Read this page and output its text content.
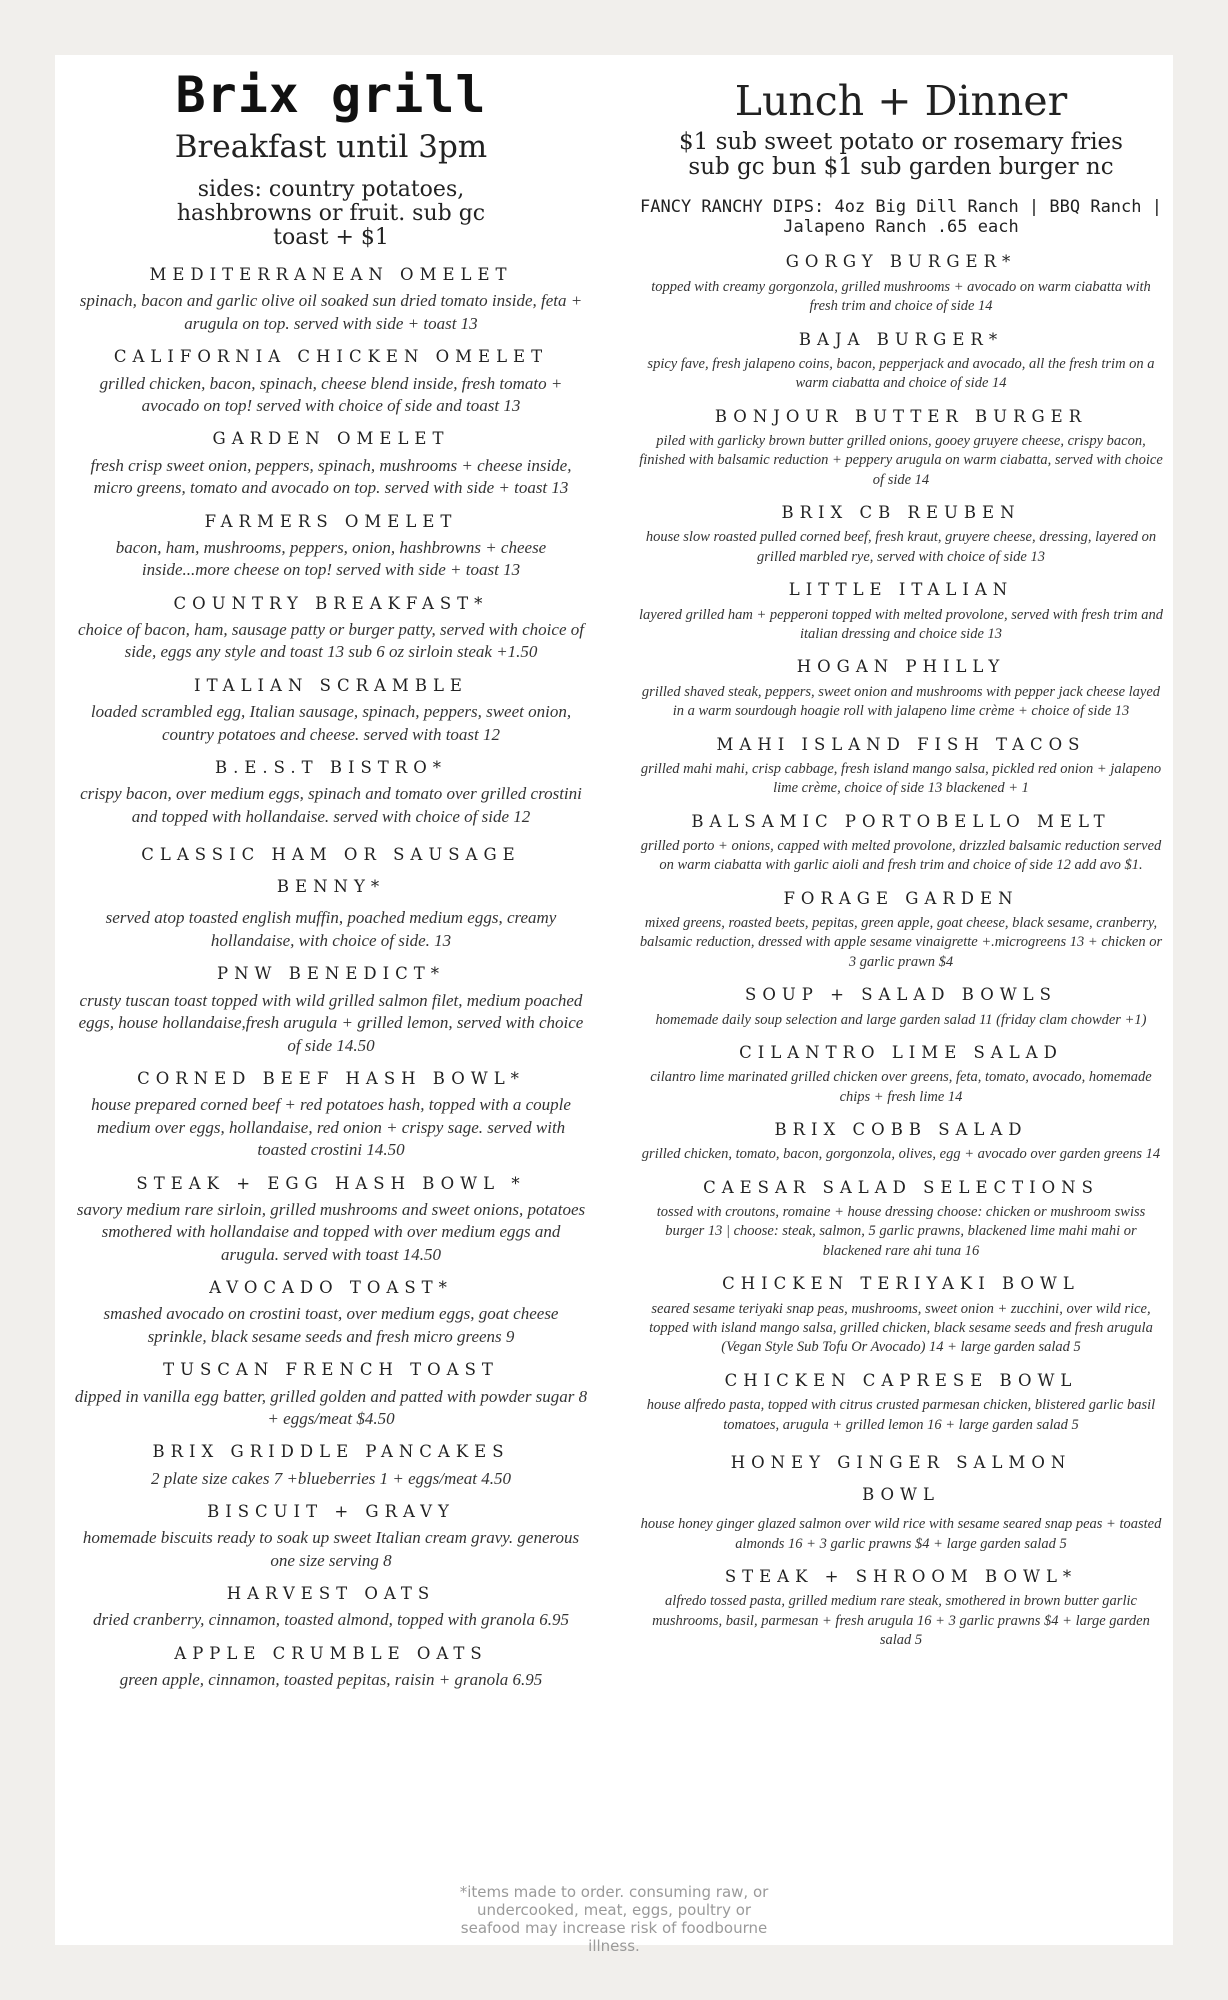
Brix grill
Breakfast until 3pm
sides: country potatoes, hashbrowns or fruit. sub gc toast + $1
MEDITERRANEAN OMELET
spinach, bacon and garlic olive oil soaked sun dried tomato inside, feta + arugula on top. served with side + toast 13
CALIFORNIA CHICKEN OMELET
grilled chicken, bacon, spinach, cheese blend inside, fresh tomato + avocado on top! served with choice of side and toast 13
GARDEN OMELET
fresh crisp sweet onion, peppers, spinach, mushrooms + cheese inside, micro greens, tomato and avocado on top. served with side + toast 13
FARMERS OMELET
bacon, ham, mushrooms, peppers, onion, hashbrowns + cheese inside...more cheese on top! served with side + toast 13
COUNTRY BREAKFAST*
choice of bacon, ham, sausage patty or burger patty, served with choice of side, eggs any style and toast 13 sub 6 oz sirloin steak +1.50
ITALIAN SCRAMBLE
loaded scrambled egg, Italian sausage, spinach, peppers, sweet onion, country potatoes and cheese. served with toast 12
B.E.S.T BISTRO*
crispy bacon, over medium eggs, spinach and tomato over grilled crostini and topped with hollandaise. served with choice of side 12
CLASSIC HAM OR SAUSAGE BENNY*
served atop toasted english muffin, poached medium eggs, creamy hollandaise, with choice of side. 13
PNW BENEDICT*
crusty tuscan toast topped with wild grilled salmon filet, medium poached eggs, house hollandaise,fresh arugula + grilled lemon, served with choice of side 14.50
CORNED BEEF HASH BOWL*
house prepared corned beef + red potatoes hash, topped with a couple medium over eggs, hollandaise, red onion + crispy sage. served with toasted crostini 14.50
STEAK + EGG HASH BOWL *
savory medium rare sirloin, grilled mushrooms and sweet onions, potatoes smothered with hollandaise and topped with over medium eggs and arugula. served with toast 14.50
AVOCADO TOAST*
smashed avocado on crostini toast, over medium eggs, goat cheese sprinkle, black sesame seeds and fresh micro greens 9
TUSCAN FRENCH TOAST
dipped in vanilla egg batter, grilled golden and patted with powder sugar 8 + eggs/meat $4.50
BRIX GRIDDLE PANCAKES
2 plate size cakes 7 +blueberries 1 + eggs/meat 4.50
BISCUIT + GRAVY
homemade biscuits ready to soak up sweet Italian cream gravy. generous one size serving 8
HARVEST OATS
dried cranberry, cinnamon, toasted almond, topped with granola 6.95
APPLE CRUMBLE OATS
green apple, cinnamon, toasted pepitas, raisin + granola 6.95
Lunch + Dinner
$1 sub sweet potato or rosemary fries
sub gc bun $1 sub garden burger nc
FANCY RANCHY DIPS: 4oz Big Dill Ranch | BBQ Ranch | Jalapeno Ranch .65 each
GORGY BURGER*
topped with creamy gorgonzola, grilled mushrooms + avocado on warm ciabatta with fresh trim and choice of side 14
BAJA BURGER*
spicy fave, fresh jalapeno coins, bacon, pepperjack and avocado, all the fresh trim on a warm ciabatta and choice of side 14
BONJOUR BUTTER BURGER
piled with garlicky brown butter grilled onions, gooey gruyere cheese, crispy bacon, finished with balsamic reduction + peppery arugula on warm ciabatta, served with choice of side 14
BRIX CB REUBEN
house slow roasted pulled corned beef, fresh kraut, gruyere cheese, dressing, layered on grilled marbled rye, served with choice of side 13
LITTLE ITALIAN
layered grilled ham + pepperoni topped with melted provolone, served with fresh trim and italian dressing and choice side 13
HOGAN PHILLY
grilled shaved steak, peppers, sweet onion and mushrooms with pepper jack cheese layed in a warm sourdough hoagie roll with jalapeno lime crème + choice of side 13
MAHI ISLAND FISH TACOS
grilled mahi mahi, crisp cabbage, fresh island mango salsa, pickled red onion + jalapeno lime crème, choice of side 13 blackened + 1
BALSAMIC PORTOBELLO MELT
grilled porto + onions, capped with melted provolone, drizzled balsamic reduction served on warm ciabatta with garlic aioli and fresh trim and choice of side 12 add avo $1.
FORAGE GARDEN
mixed greens, roasted beets, pepitas, green apple, goat cheese, black sesame, cranberry, balsamic reduction, dressed with apple sesame vinaigrette +.microgreens 13 + chicken or 3 garlic prawn $4
SOUP + SALAD BOWLS
homemade daily soup selection and large garden salad 11 (friday clam chowder +1)
CILANTRO LIME SALAD
cilantro lime marinated grilled chicken over greens, feta, tomato, avocado, homemade chips + fresh lime 14
BRIX COBB SALAD
grilled chicken, tomato, bacon, gorgonzola, olives, egg + avocado over garden greens 14
CAESAR SALAD SELECTIONS
tossed with croutons, romaine + house dressing choose: chicken or mushroom swiss burger 13 | choose: steak, salmon, 5 garlic prawns, blackened lime mahi mahi or blackened rare ahi tuna 16
CHICKEN TERIYAKI BOWL
seared sesame teriyaki snap peas, mushrooms, sweet onion + zucchini, over wild rice, topped with island mango salsa, grilled chicken, black sesame seeds and fresh arugula (Vegan Style Sub Tofu Or Avocado) 14 + large garden salad 5
CHICKEN CAPRESE BOWL
house alfredo pasta, topped with citrus crusted parmesan chicken, blistered garlic basil tomatoes, arugula + grilled lemon 16 + large garden salad 5
HONEY GINGER SALMON BOWL
house honey ginger glazed salmon over wild rice with sesame seared snap peas + toasted almonds 16 + 3 garlic prawns $4 + large garden salad 5
STEAK + SHROOM BOWL*
alfredo tossed pasta, grilled medium rare steak, smothered in brown butter garlic mushrooms, basil, parmesan + fresh arugula 16 + 3 garlic prawns $4 + large garden salad 5
*items made to order. consuming raw, or undercooked, meat, eggs, poultry or seafood may increase risk of foodbourne illness.
